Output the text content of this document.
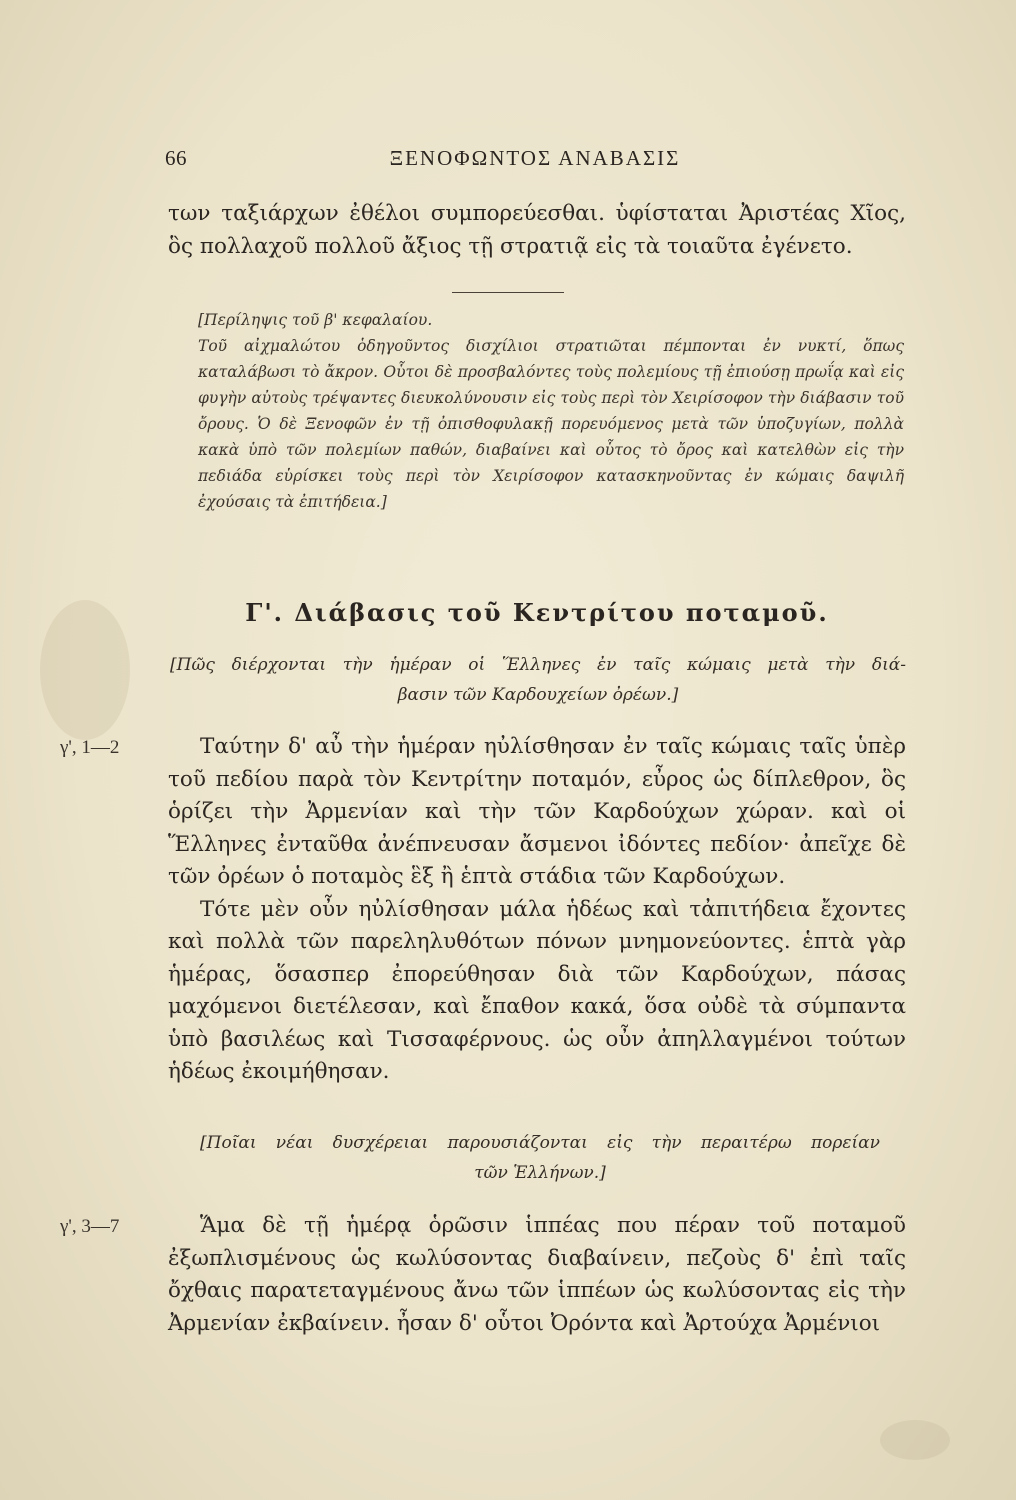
66	ΞΕΝΟΦΩΝΤΟΣ ΑΝΑΒΑΣΙΣ

των ταξιάρχων ἐθέλοι συμπορεύεσθαι. ὑφίσταται Ἀριστέας Χῖος, ὃς πολλαχοῦ πολλοῦ ἄξιος τῇ στρατιᾷ εἰς τὰ τοιαῦτα ἐγένετο.

[Περίληψις τοῦ β' κεφαλαίου.
Τοῦ αἰχμαλώτου ὁδηγοῦντος δισχίλιοι στρατιῶται πέμπονται ἐν νυκτί, ὅπως καταλάβωσι τὸ ἄκρον. Οὗτοι δὲ προσβαλόντες τοὺς πολεμίους τῇ ἐπιούσῃ πρωΐᾳ καὶ εἰς φυγὴν αὐτοὺς τρέψαντες διευκολύνουσιν εἰς τοὺς περὶ τὸν Χειρίσοφον τὴν διάβασιν τοῦ ὄρους. Ὁ δὲ Ξενοφῶν ἐν τῇ ὀπισθοφυλακῇ πορευόμενος μετὰ τῶν ὑποζυγίων, πολλὰ κακὰ ὑπὸ τῶν πολεμίων παθών, διαβαίνει καὶ οὗτος τὸ ὄρος καὶ κατελθὼν εἰς τὴν πεδιάδα εὑρίσκει τοὺς περὶ τὸν Χειρίσοφον κατασκηνοῦντας ἐν κώμαις δαψιλῆ ἐχούσαις τὰ ἐπιτήδεια.]

Γ'. Διάβασις τοῦ Κεντρίτου ποταμοῦ.
[Πῶς διέρχονται τὴν ἡμέραν οἱ Ἕλληνες ἐν ταῖς κώμαις μετὰ τὴν διά-
βασιν τῶν Καρδουχείων ὀρέων.]
γ', 1—2	Ταύτην δ' αὖ τὴν ἡμέραν ηὐλίσθησαν ἐν ταῖς κώμαις ταῖς ὑπὲρ τοῦ πεδίου παρὰ τὸν Κεντρίτην ποταμόν, εὖρος ὡς δίπλεθρον, ὃς ὁρίζει τὴν Ἀρμενίαν καὶ τὴν τῶν Καρδούχων χώραν. καὶ οἱ Ἕλληνες ἐνταῦθα ἀνέπνευσαν ἄσμενοι ἰδόντες πεδίον· ἀπεῖχε δὲ τῶν ὀρέων ὁ ποταμὸς ἓξ ἢ ἑπτὰ στάδια τῶν Καρδούχων.

Τότε μὲν οὖν ηὐλίσθησαν μάλα ἡδέως καὶ τἀπιτήδεια ἔχοντες καὶ πολλὰ τῶν παρεληλυθότων πόνων μνημονεύοντες. ἑπτὰ γὰρ ἡμέρας, ὅσασπερ ἐπορεύθησαν διὰ τῶν Καρδούχων, πάσας μαχόμενοι διετέλεσαν, καὶ ἔπαθον κακά, ὅσα οὐδὲ τὰ σύμπαντα ὑπὸ βασιλέως καὶ Τισσαφέρνους. ὡς οὖν ἀπηλλαγμένοι τούτων ἡδέως ἐκοιμήθησαν.

[Ποῖαι νέαι δυσχέρειαι παρουσιάζονται εἰς τὴν περαιτέρω πορείαν
τῶν Ἑλλήνων.]
γ', 3—7	Ἅμα δὲ τῇ ἡμέρᾳ ὁρῶσιν ἱππέας που πέραν τοῦ ποταμοῦ ἐξωπλισμένους ὡς κωλύσοντας διαβαίνειν, πεζοὺς δ' ἐπὶ ταῖς ὄχθαις παρατεταγμένους ἄνω τῶν ἱππέων ὡς κωλύσοντας εἰς τὴν Ἀρμενίαν ἐκβαίνειν. ἦσαν δ' οὗτοι Ὀρόντα καὶ Ἀρτούχα Ἀρμένιοι
